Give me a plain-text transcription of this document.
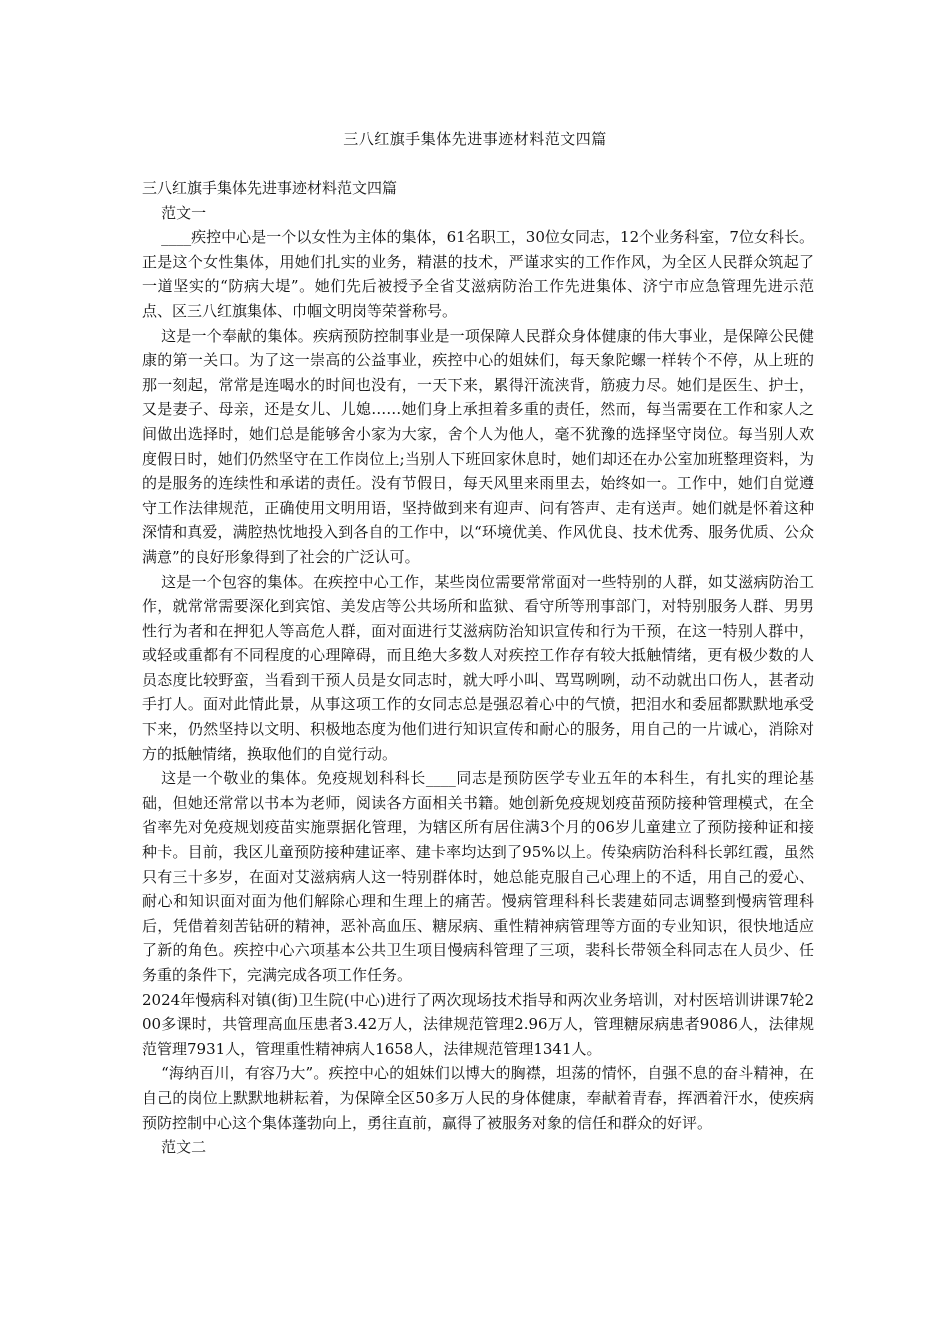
三八红旗手集体先进事迹材料范文四篇

三八红旗手集体先进事迹材料范文四篇

范文一

____疾控中心是一个以女性为主体的集体，61名职工，30位女同志，12个业务科室，7位女科长。正是这个女性集体，用她们扎实的业务，精湛的技术，严谨求实的工作作风，为全区人民群众筑起了一道坚实的“防病大堤”。她们先后被授予全省艾滋病防治工作先进集体、济宁市应急管理先进示范点、区三八红旗集体、巾帼文明岗等荣誉称号。

这是一个奉献的集体。疾病预防控制事业是一项保障人民群众身体健康的伟大事业，是保障公民健康的第一关口。为了这一崇高的公益事业，疾控中心的姐妹们，每天象陀螺一样转个不停，从上班的那一刻起，常常是连喝水的时间也没有，一天下来，累得汗流浃背，筋疲力尽。她们是医生、护士，又是妻子、母亲，还是女儿、儿媳……她们身上承担着多重的责任，然而，每当需要在工作和家人之间做出选择时，她们总是能够舍小家为大家，舍个人为他人，毫不犹豫的选择坚守岗位。每当别人欢度假日时，她们仍然坚守在工作岗位上;当别人下班回家休息时，她们却还在办公室加班整理资料，为的是服务的连续性和承诺的责任。没有节假日，每天风里来雨里去，始终如一。工作中，她们自觉遵守工作法律规范，正确使用文明用语，坚持做到来有迎声、问有答声、走有送声。她们就是怀着这种深情和真爱，满腔热忱地投入到各自的工作中，以“环境优美、作风优良、技术优秀、服务优质、公众满意”的良好形象得到了社会的广泛认可。

这是一个包容的集体。在疾控中心工作，某些岗位需要常常面对一些特别的人群，如艾滋病防治工作，就常常需要深化到宾馆、美发店等公共场所和监狱、看守所等刑事部门，对特别服务人群、男男性行为者和在押犯人等高危人群，面对面进行艾滋病防治知识宣传和行为干预，在这一特别人群中，或轻或重都有不同程度的心理障碍，而且绝大多数人对疾控工作存有较大抵触情绪，更有极少数的人员态度比较野蛮，当看到干预人员是女同志时，就大呼小叫、骂骂咧咧，动不动就出口伤人，甚者动手打人。面对此情此景，从事这项工作的女同志总是强忍着心中的气愤，把泪水和委屈都默默地承受下来，仍然坚持以文明、积极地态度为他们进行知识宣传和耐心的服务，用自己的一片诚心，消除对方的抵触情绪，换取他们的自觉行动。

这是一个敬业的集体。免疫规划科科长____同志是预防医学专业五年的本科生，有扎实的理论基础，但她还常常以书本为老师，阅读各方面相关书籍。她创新免疫规划疫苗预防接种管理模式，在全省率先对免疫规划疫苗实施票据化管理，为辖区所有居住满3个月的06岁儿童建立了预防接种证和接种卡。目前，我区儿童预防接种建证率、建卡率均达到了95%以上。传染病防治科科长郭红霞，虽然只有三十多岁，在面对艾滋病病人这一特别群体时，她总能克服自己心理上的不适，用自己的爱心、耐心和知识面对面为他们解除心理和生理上的痛苦。慢病管理科科长裴建茹同志调整到慢病管理科后，凭借着刻苦钻研的精神，恶补高血压、糖尿病、重性精神病管理等方面的专业知识，很快地适应了新的角色。疾控中心六项基本公共卫生项目慢病科管理了三项，裴科长带领全科同志在人员少、任务重的条件下，完满完成各项工作任务。

2024年慢病科对镇(街)卫生院(中心)进行了两次现场技术指导和两次业务培训，对村医培训讲课7轮200多课时，共管理高血压患者3.42万人，法律规范管理2.96万人，管理糖尿病患者9086人，法律规范管理7931人，管理重性精神病人1658人，法律规范管理1341人。

“海纳百川，有容乃大”。疾控中心的姐妹们以博大的胸襟，坦荡的情怀，自强不息的奋斗精神，在自己的岗位上默默地耕耘着，为保障全区50多万人民的身体健康，奉献着青春，挥洒着汗水，使疾病预防控制中心这个集体蓬勃向上，勇往直前，赢得了被服务对象的信任和群众的好评。

范文二
